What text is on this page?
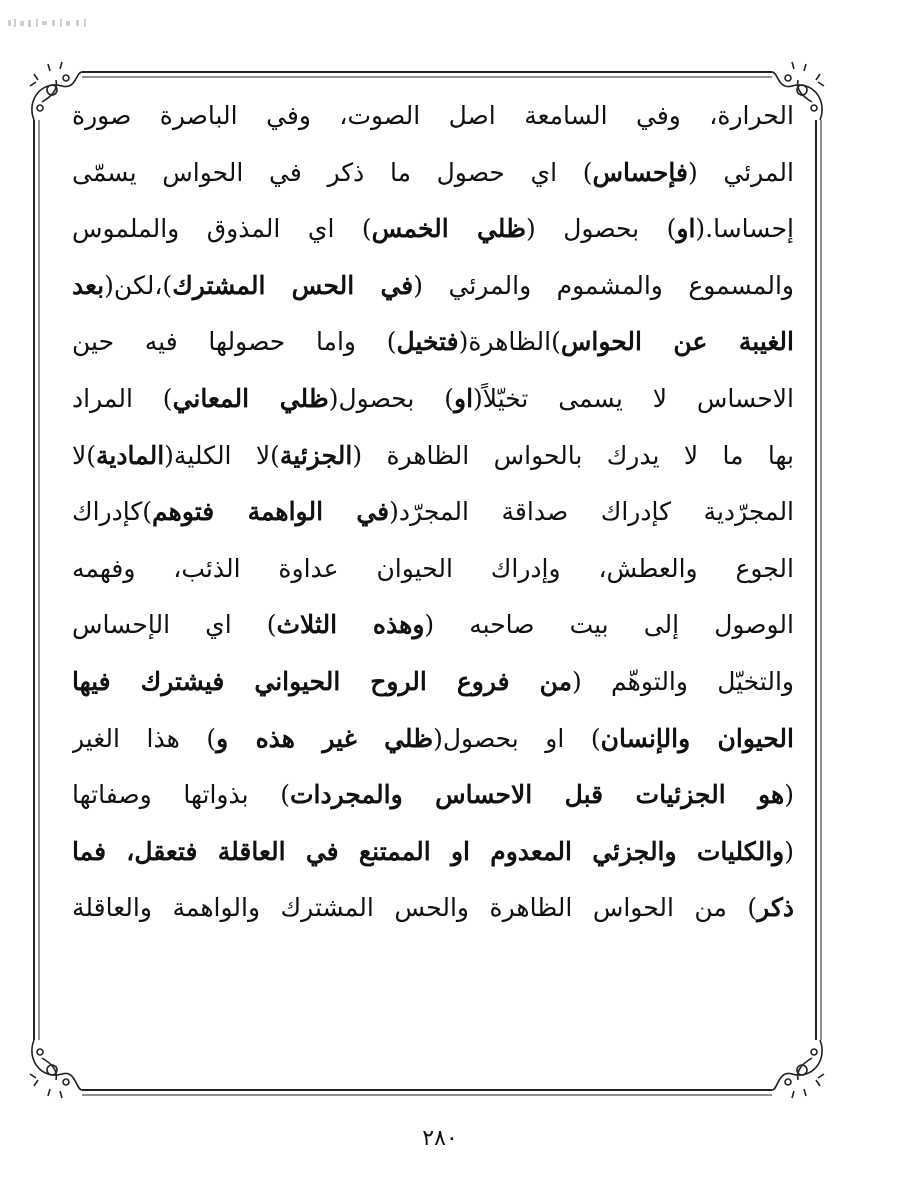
الحرارة، وفي السامعة اصل الصوت، وفي الباصرة صورة
المرئي (فإحساس) اي حصول ما ذكر في الحواس يسمّى
إحساسا.(او) بحصول (ظلي الخمس) اي المذوق والملموس
والمسموع والمشموم والمرئي (في الحس المشترك)،لكن(بعد
الغيبة عن الحواس)الظاهرة(فتخيل) واما حصولها فيه حين
الاحساس لا يسمى تخيّلاً(او) بحصول(ظلي المعاني) المراد
بها ما لا يدرك بالحواس الظاهرة (الجزئية)لا الكلية(المادية)لا
المجرّدية كإدراك صداقة المجرّد(في الواهمة فتوهم)كإدراك
الجوع والعطش، وإدراك الحيوان عداوة الذئب، وفهمه
الوصول إلى بيت صاحبه (وهذه الثلاث) اي الإحساس
والتخيّل والتوهّم (من فروع الروح الحيواني فيشترك فيها
الحيوان والإنسان) او بحصول(ظلي غير هذه و) هذا الغير
(هو الجزئيات قبل الاحساس والمجردات) بذواتها وصفاتها
(والكليات والجزئي المعدوم او الممتنع في العاقلة فتعقل، فما
ذكر) من الحواس الظاهرة والحس المشترك والواهمة والعاقلة
٢٨٠
